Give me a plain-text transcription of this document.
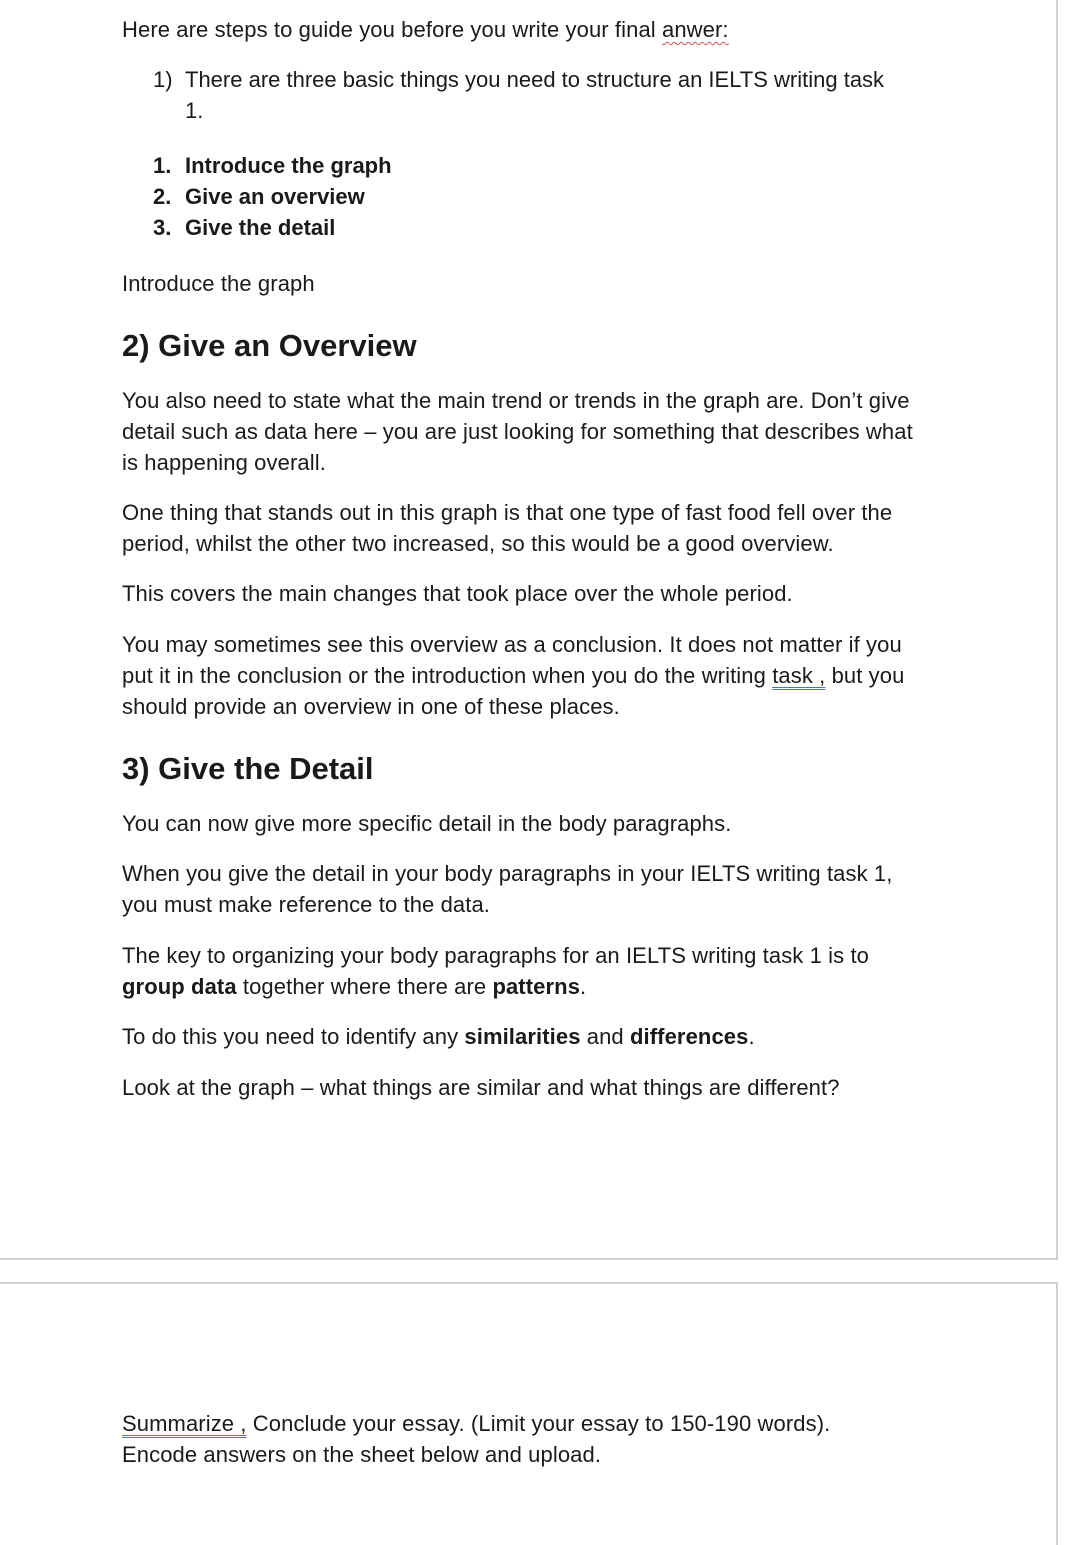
Here are steps to guide you before you write your final anwer:

1) There are three basic things you need to structure an IELTS writing task
1.
1. Introduce the graph
2. Give an overview
3. Give the detail

Introduce the graph

2) Give an Overview

You also need to state what the main trend or trends in the graph are. Don’t give detail such as data here – you are just looking for something that describes what is happening overall.

One thing that stands out in this graph is that one type of fast food fell over the period, whilst the other two increased, so this would be a good overview.

This covers the main changes that took place over the whole period.

You may sometimes see this overview as a conclusion. It does not matter if you put it in the conclusion or the introduction when you do the writing task , but you should provide an overview in one of these places.

3) Give the Detail

You can now give more specific detail in the body paragraphs.

When you give the detail in your body paragraphs in your IELTS writing task 1, you must make reference to the data.

The key to organizing your body paragraphs for an IELTS writing task 1 is to group data together where there are patterns.

To do this you need to identify any similarities and differences.

Look at the graph – what things are similar and what things are different?

Summarize , Conclude your essay. (Limit your essay to 150-190 words).
Encode answers on the sheet below and upload.
